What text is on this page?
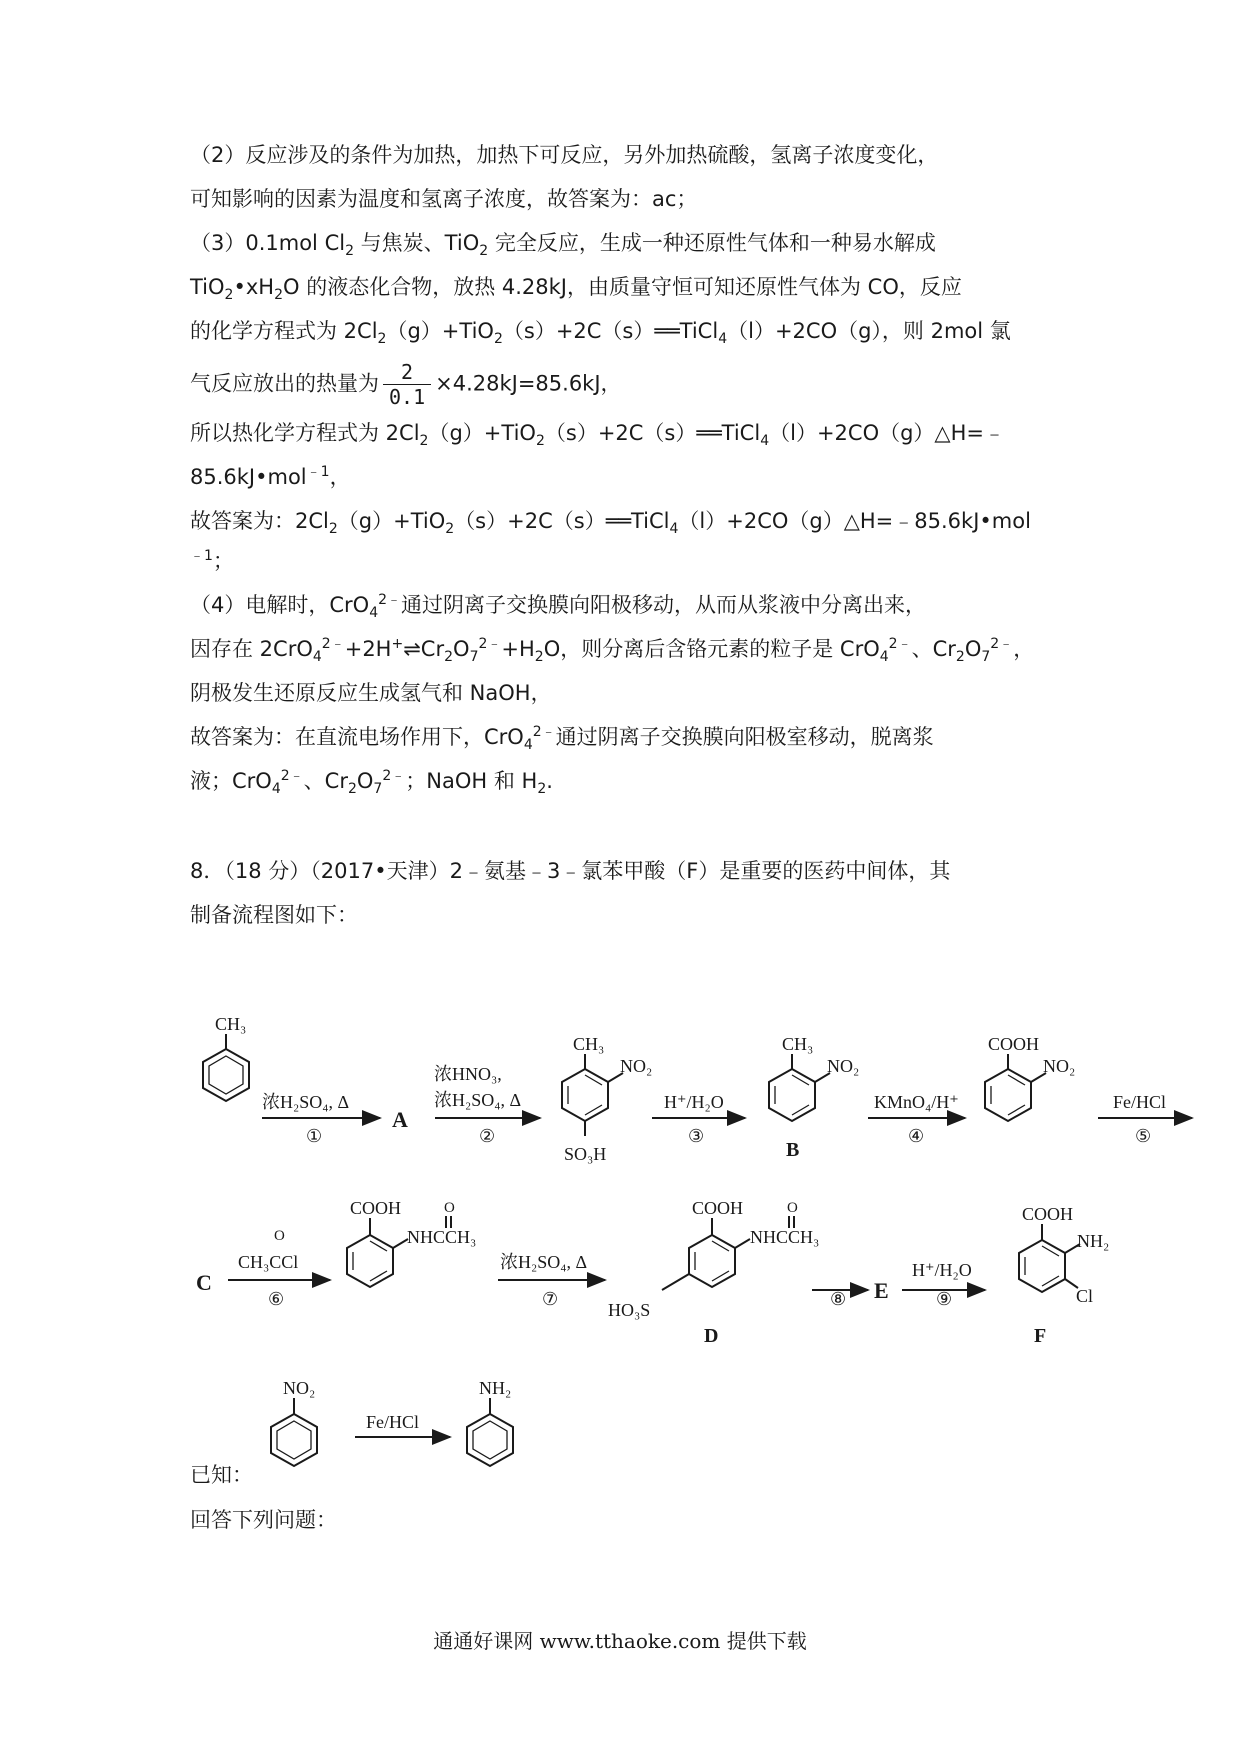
（2）反应涉及的条件为加热，加热下可反应，另外加热硫酸，氢离子浓度变化，
可知影响的因素为温度和氢离子浓度，故答案为：ac；
（3）0.1mol $Cl_2$ 与焦炭、TiO$_2$ 完全反应，生成一种还原性气体和一种易水解成
$TiO_2•xH_2O$ 的液态化合物，放热 4.28kJ，由质量守恒可知还原性气体为 CO，反应
的化学方程式为 $2Cl_2(g)+TiO_2(s)+2C(s)══TiCl_4(l)+2CO(g)$，则 2mol 氯
气反应放出的热量为 $\frac{2}{0.1} \times 4.28kJ=85.6kJ$，
所以热化学方程式为 $2Cl_2(g)+TiO_2(s)+2C(s)══TiCl_4(l)+2CO(g)\triangle H=﹣$
85.6kJ•mol$^{﹣1}$，
故答案为：$2Cl_2(g)+TiO_2(s)+2C(s)══TiCl_4(l)+2CO(g)\triangle H=﹣85.6kJ•mol$
$^{﹣1}$；
（4）电解时，CrO$_4^{2﹣}$通过阴离子交换膜向阳极移动，从而从浆液中分离出来，
因存在 $2CrO_4^{2﹣}+2H^+\rightleftharpoons Cr_2O_7^{2﹣}+H_2O$，则分离后含铬元素的粒子是 CrO$_4^{2﹣}$、$Cr_2O_7^{2﹣}$，
阴极发生还原反应生成氢气和 NaOH，
故答案为：在直流电场作用下，CrO$_4^{2﹣}$通过阴离子交换膜向阳极室移动，脱离浆
液；CrO$_4^{2﹣}$、$Cr_2O_7^{2﹣}$；NaOH 和 $H_2$.
8．（18 分）（2017•天津）2﹣氨基﹣3﹣氯苯甲酸（F）是重要的医药中间体，其
制备流程图如下：
CH₃
浓H₂SO₄, Δ
①
A
浓HNO₃,
浓H₂SO₄, Δ
②
CH₃
NO₂
SO₃H
H⁺/H₂O
③
CH₃
NO₂
B
KMnO₄/H⁺
④
COOH
NO₂
Fe/HCl
⑤
C
O
CH₃CCl
⑥
COOH	O
NHCCH₃
浓H₂SO₄, Δ
⑦
COOH	O
NHCCH₃
HO₃S
D
⑧ E
H⁺/H₂O
⑨
COOH
NH₂
Cl
F
NO₂
Fe/HCl
NH₂
已知：
回答下列问题：
通通好课网 www.tthaoke.com 提供下载
